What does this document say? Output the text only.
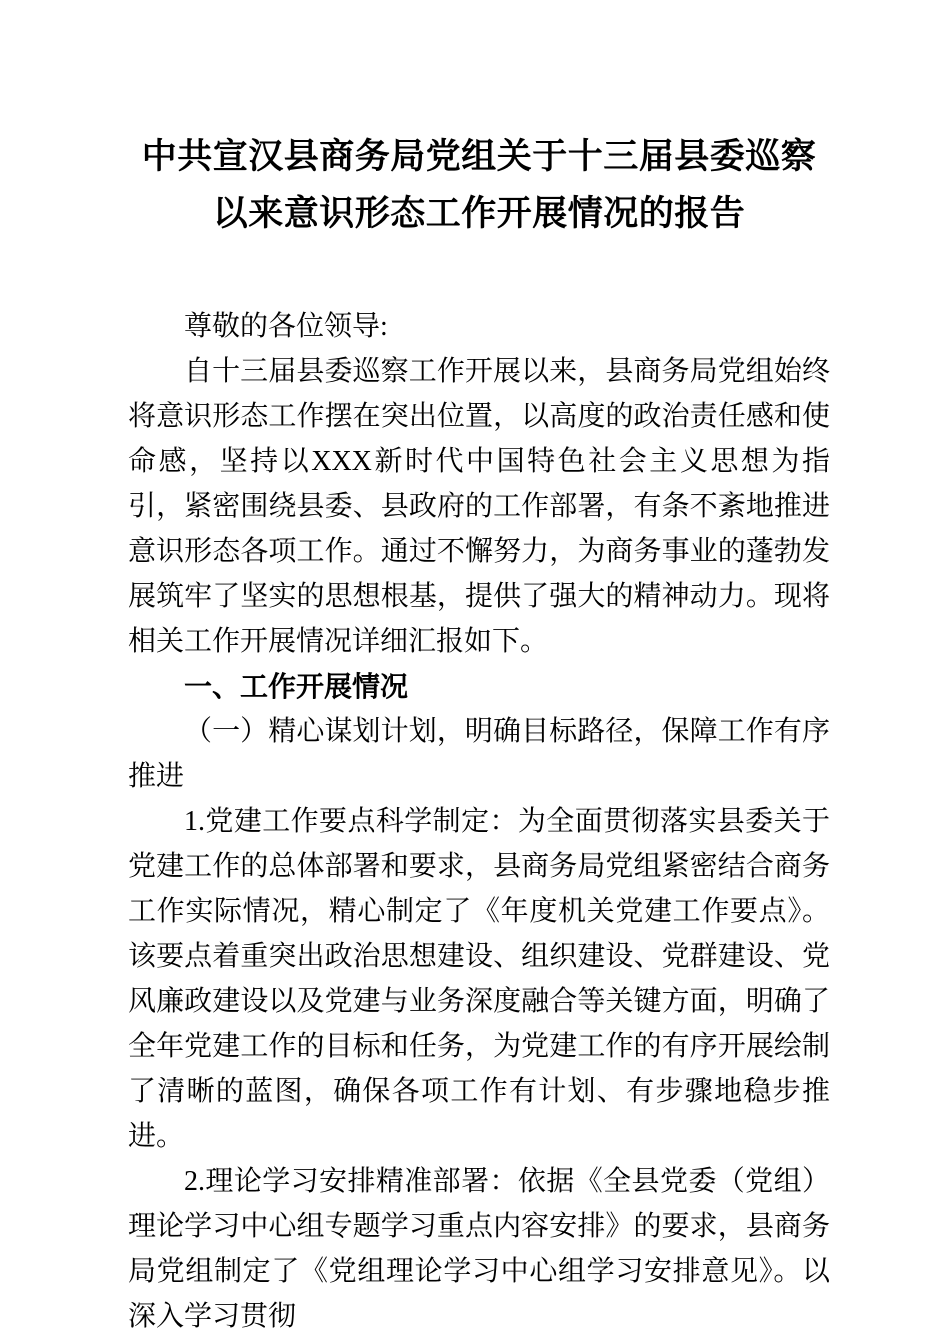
中共宣汉县商务局党组关于十三届县委巡察以来意识形态工作开展情况的报告

尊敬的各位领导:

自十三届县委巡察工作开展以来，县商务局党组始终将意识形态工作摆在突出位置，以高度的政治责任感和使命感，坚持以XXX新时代中国特色社会主义思想为指引，紧密围绕县委、县政府的工作部署，有条不紊地推进意识形态各项工作。通过不懈努力，为商务事业的蓬勃发展筑牢了坚实的思想根基，提供了强大的精神动力。现将相关工作开展情况详细汇报如下。

一、工作开展情况

（一）精心谋划计划，明确目标路径，保障工作有序推进

1.党建工作要点科学制定：为全面贯彻落实县委关于党建工作的总体部署和要求，县商务局党组紧密结合商务工作实际情况，精心制定了《年度机关党建工作要点》。该要点着重突出政治思想建设、组织建设、党群建设、党风廉政建设以及党建与业务深度融合等关键方面，明确了全年党建工作的目标和任务，为党建工作的有序开展绘制了清晰的蓝图，确保各项工作有计划、有步骤地稳步推进。

2.理论学习安排精准部署：依据《全县党委（党组）理论学习中心组专题学习重点内容安排》的要求，县商务局党组制定了《党组理论学习中心组学习安排意见》。以深入学习贯彻
